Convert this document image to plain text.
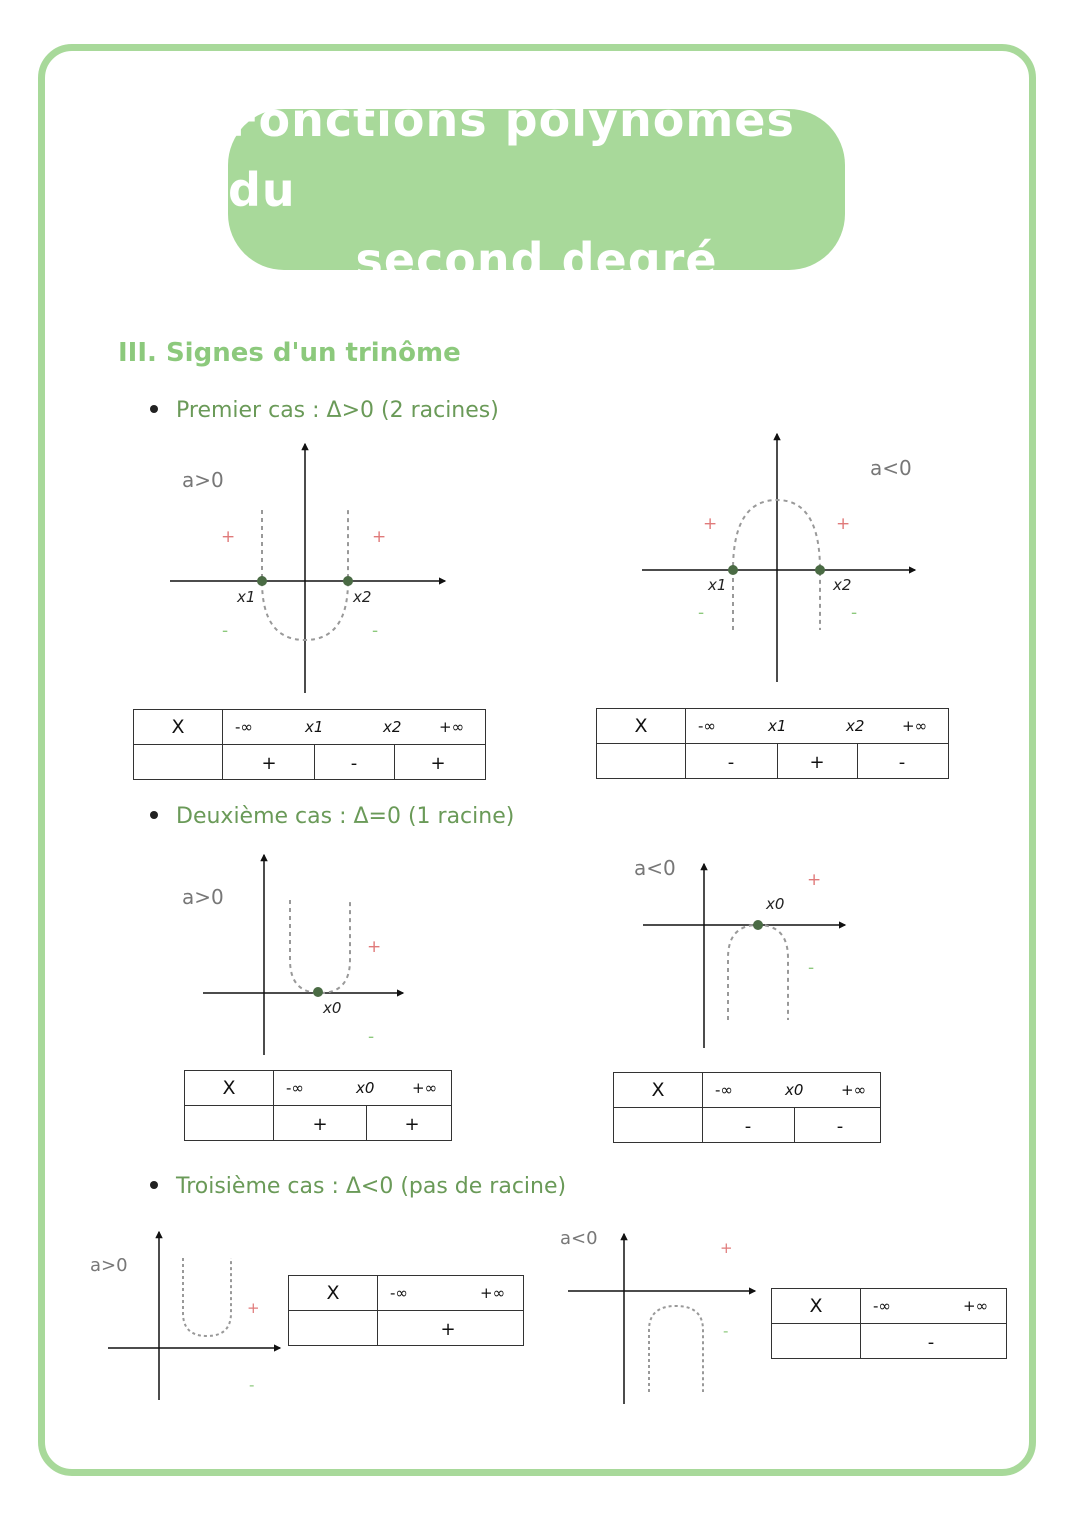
Fonctions polynômes du
second degré
III. Signes d'un trinôme
Premier cas : Δ>0 (2 racines)
a>0
x1	x2
+	+
-	-
a<0
x1	x2
+	+
-	-
X	-∞ x1 x2 +∞

	+ - +
X	-∞ x1 x2 +∞

	- + -
Deuxième cas : Δ=0 (1 racine)
a>0
x0
+
-
a<0
x0
+
-
X	-∞ x0 +∞

	+ +
X	-∞ x0 +∞

	- -
Troisième cas : Δ<0 (pas de racine)
a>0
+
-
X	-∞ +∞

	+
a<0	+
-
X	-∞ +∞

	-
